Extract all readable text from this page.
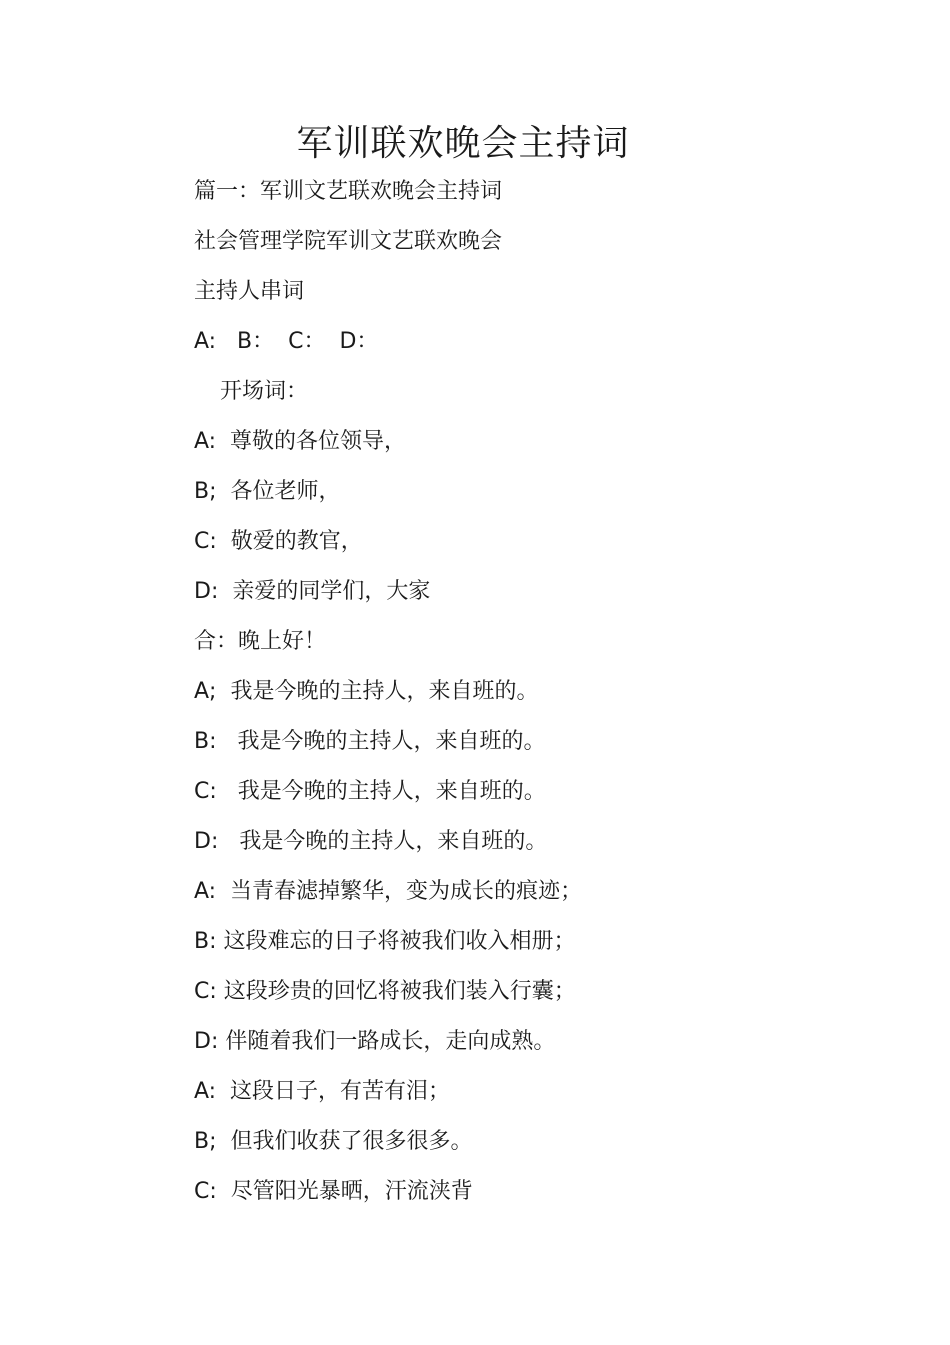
军训联欢晚会主持词
篇一：军训文艺联欢晚会主持词
社会管理学院军训文艺联欢晚会
主持人串词
A:   B：  C：  D：
开场词：
A:  尊敬的各位领导，
B;  各位老师，
C:  敬爱的教官，
D:  亲爱的同学们，大家
合：晚上好！
A;  我是今晚的主持人，来自班的。
B:   我是今晚的主持人，来自班的。
C:   我是今晚的主持人，来自班的。
D:   我是今晚的主持人，来自班的。
A:  当青春滤掉繁华，变为成长的痕迹；
B: 这段难忘的日子将被我们收入相册；
C: 这段珍贵的回忆将被我们装入行囊；
D: 伴随着我们一路成长，走向成熟。
A:  这段日子，有苦有泪；
B;  但我们收获了很多很多。
C:  尽管阳光暴晒，汗流浃背
